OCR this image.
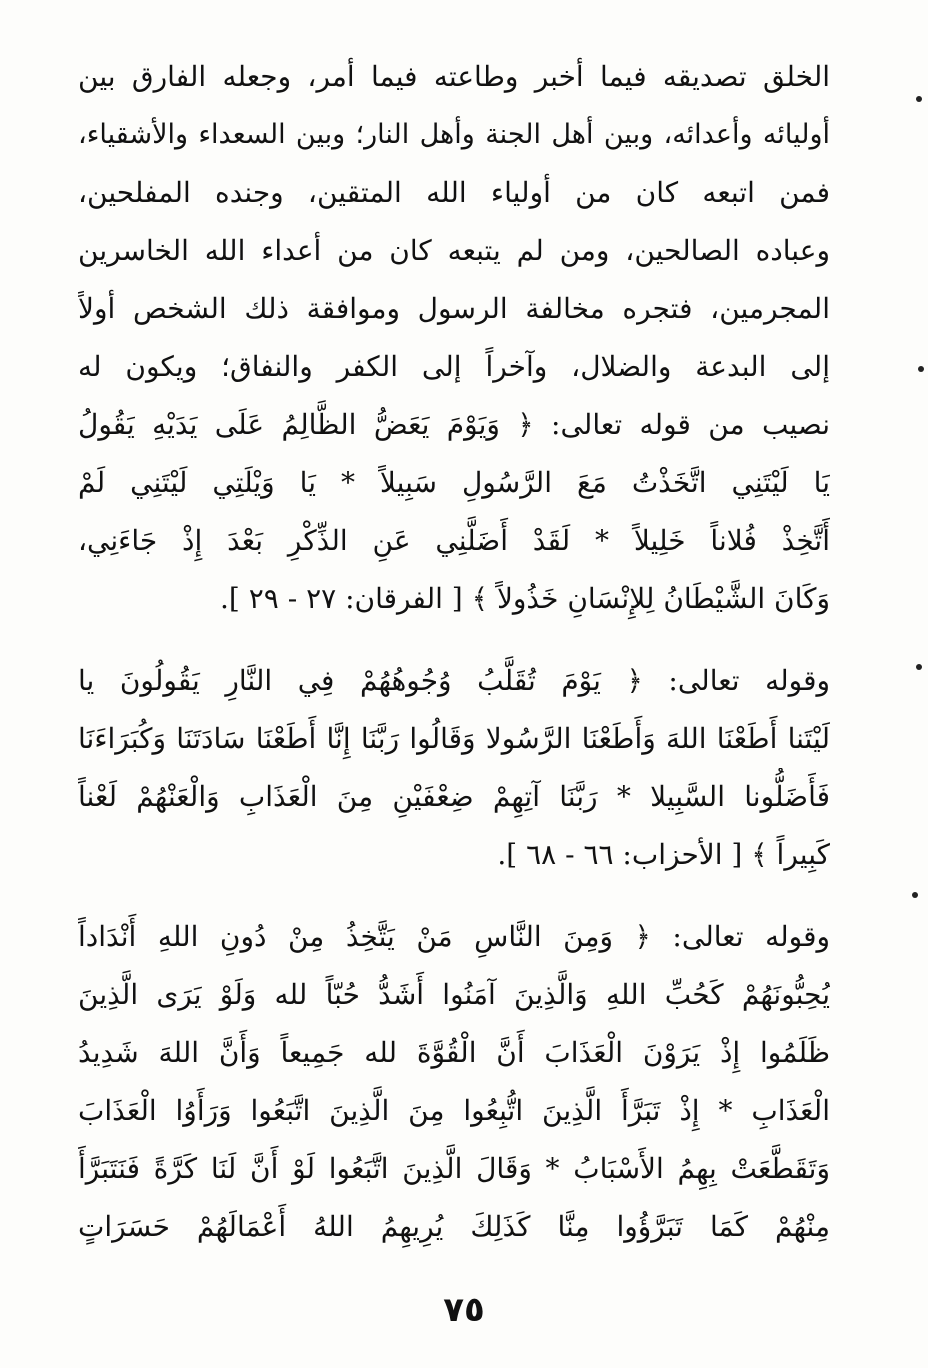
الخلق تصديقه فيما أخبر وطاعته فيما أمر، وجعله الفارق بين
أوليائه وأعدائه، وبين أهل الجنة وأهل النار؛ وبين السعداء والأشقياء،
فمن اتبعه كان من أولياء الله المتقين، وجنده المفلحين،
وعباده الصالحين، ومن لم يتبعه كان من أعداء الله الخاسرين
المجرمين، فتجره مخالفة الرسول وموافقة ذلك الشخص أولاً
إلى البدعة والضلال، وآخراً إلى الكفر والنفاق؛ ويكون له
نصيب من قوله تعالى: ﴿ وَيَوْمَ يَعَضُّ الظَّالِمُ عَلَى يَدَيْهِ يَقُولُ
يَا لَيْتَنِي اتَّخَذْتُ مَعَ الرَّسُولِ سَبِيلاً * يَا وَيْلَتِي لَيْتَنِي لَمْ
أَتَّخِذْ فُلاناً خَلِيلاً * لَقَدْ أَضَلَّنِي عَنِ الذِّكْرِ بَعْدَ إِذْ جَاءَنِي،
وَكَانَ الشَّيْطَانُ لِلإِنْسَانِ خَذُولاً ﴾ [ الفرقان: ٢٧ - ٢٩ ].
وقوله تعالى: ﴿ يَوْمَ تُقَلَّبُ وُجُوهُهُمْ فِي النَّارِ يَقُولُونَ يا
لَيْتَنا أَطَعْنَا اللهَ وَأَطَعْنَا الرَّسُولا وَقَالُوا رَبَّنَا إِنَّا أَطَعْنَا سَادَتَنَا وَكُبَرَاءَنَا
فَأَضَلُّونا السَّبِيلا * رَبَّنَا آتِهِمْ ضِعْفَيْنِ مِنَ الْعَذَابِ وَالْعَنْهُمْ لَعْناً
كَبِيراً ﴾ [ الأحزاب: ٦٦ - ٦٨ ].
وقوله تعالى: ﴿ وَمِنَ النَّاسِ مَنْ يَتَّخِذُ مِنْ دُونِ اللهِ أَنْدَاداً
يُحِبُّونَهُمْ كَحُبِّ اللهِ وَالَّذِينَ آمَنُوا أَشَدُّ حُبّاً لله وَلَوْ يَرَى الَّذِينَ
ظَلَمُوا إِذْ يَرَوْنَ الْعَذَابَ أَنَّ الْقُوَّةَ لله جَمِيعاً وَأَنَّ اللهَ شَدِيدُ
الْعَذَابِ * إِذْ تَبَرَّأَ الَّذِينَ اتُّبِعُوا مِنَ الَّذِينَ اتَّبَعُوا وَرَأَوُا الْعَذَابَ
وَتَقَطَّعَتْ بِهِمُ الأَسْبَابُ * وَقَالَ الَّذِينَ اتَّبَعُوا لَوْ أَنَّ لَنَا كَرَّةً فَنَتَبَرَّأَ
مِنْهُمْ كَمَا تَبَرَّؤُوا مِنَّا كَذَلِكَ يُرِيهِمُ اللهُ أَعْمَالَهُمْ حَسَرَاتٍ
٧٥
